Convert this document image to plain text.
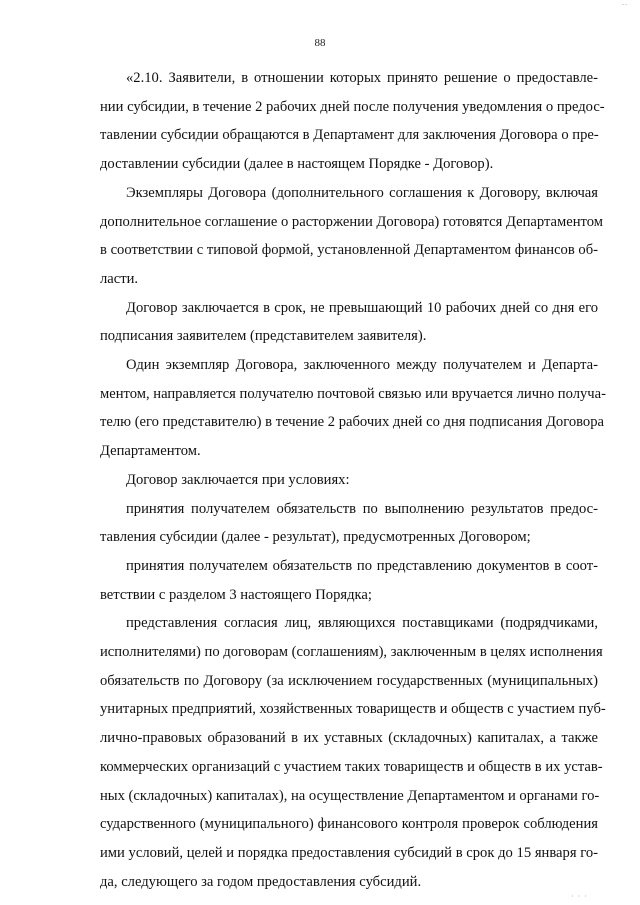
..
88

«2.10. Заявители, в отношении которых принято решение о предоставле-
нии субсидии, в течение 2 рабочих дней после получения уведомления о предос-
тавлении субсидии обращаются в Департамент для заключения Договора о пре-
доставлении субсидии (далее в настоящем Порядке - Договор).

Экземпляры Договора (дополнительного соглашения к Договору, включая
дополнительное соглашение о расторжении Договора) готовятся Департаментом
в соответствии с типовой формой, установленной Департаментом финансов об-
ласти.

Договор заключается в срок, не превышающий 10 рабочих дней со дня его
подписания заявителем (представителем заявителя).

Один экземпляр Договора, заключенного между получателем и Департа-
ментом, направляется получателю почтовой связью или вручается лично получа-
телю (его представителю) в течение 2 рабочих дней со дня подписания Договора
Департаментом.

Договор заключается при условиях:

принятия получателем обязательств по выполнению результатов предос-
тавления субсидии (далее - результат), предусмотренных Договором;

принятия получателем обязательств по представлению документов в соот-
ветствии с разделом 3 настоящего Порядка;

представления согласия лиц, являющихся поставщиками (подрядчиками,
исполнителями) по договорам (соглашениям), заключенным в целях исполнения
обязательств по Договору (за исключением государственных (муниципальных)
унитарных предприятий, хозяйственных товариществ и обществ с участием пуб-
лично-правовых образований в их уставных (складочных) капиталах, а также
коммерческих организаций с участием таких товариществ и обществ в их устав-
ных (складочных) капиталах), на осуществление Департаментом и органами го-
сударственного (муниципального) финансового контроля проверок соблюдения
ими условий, целей и порядка предоставления субсидий в срок до 15 января го-
да, следующего за годом предоставления субсидий.

· · ·
